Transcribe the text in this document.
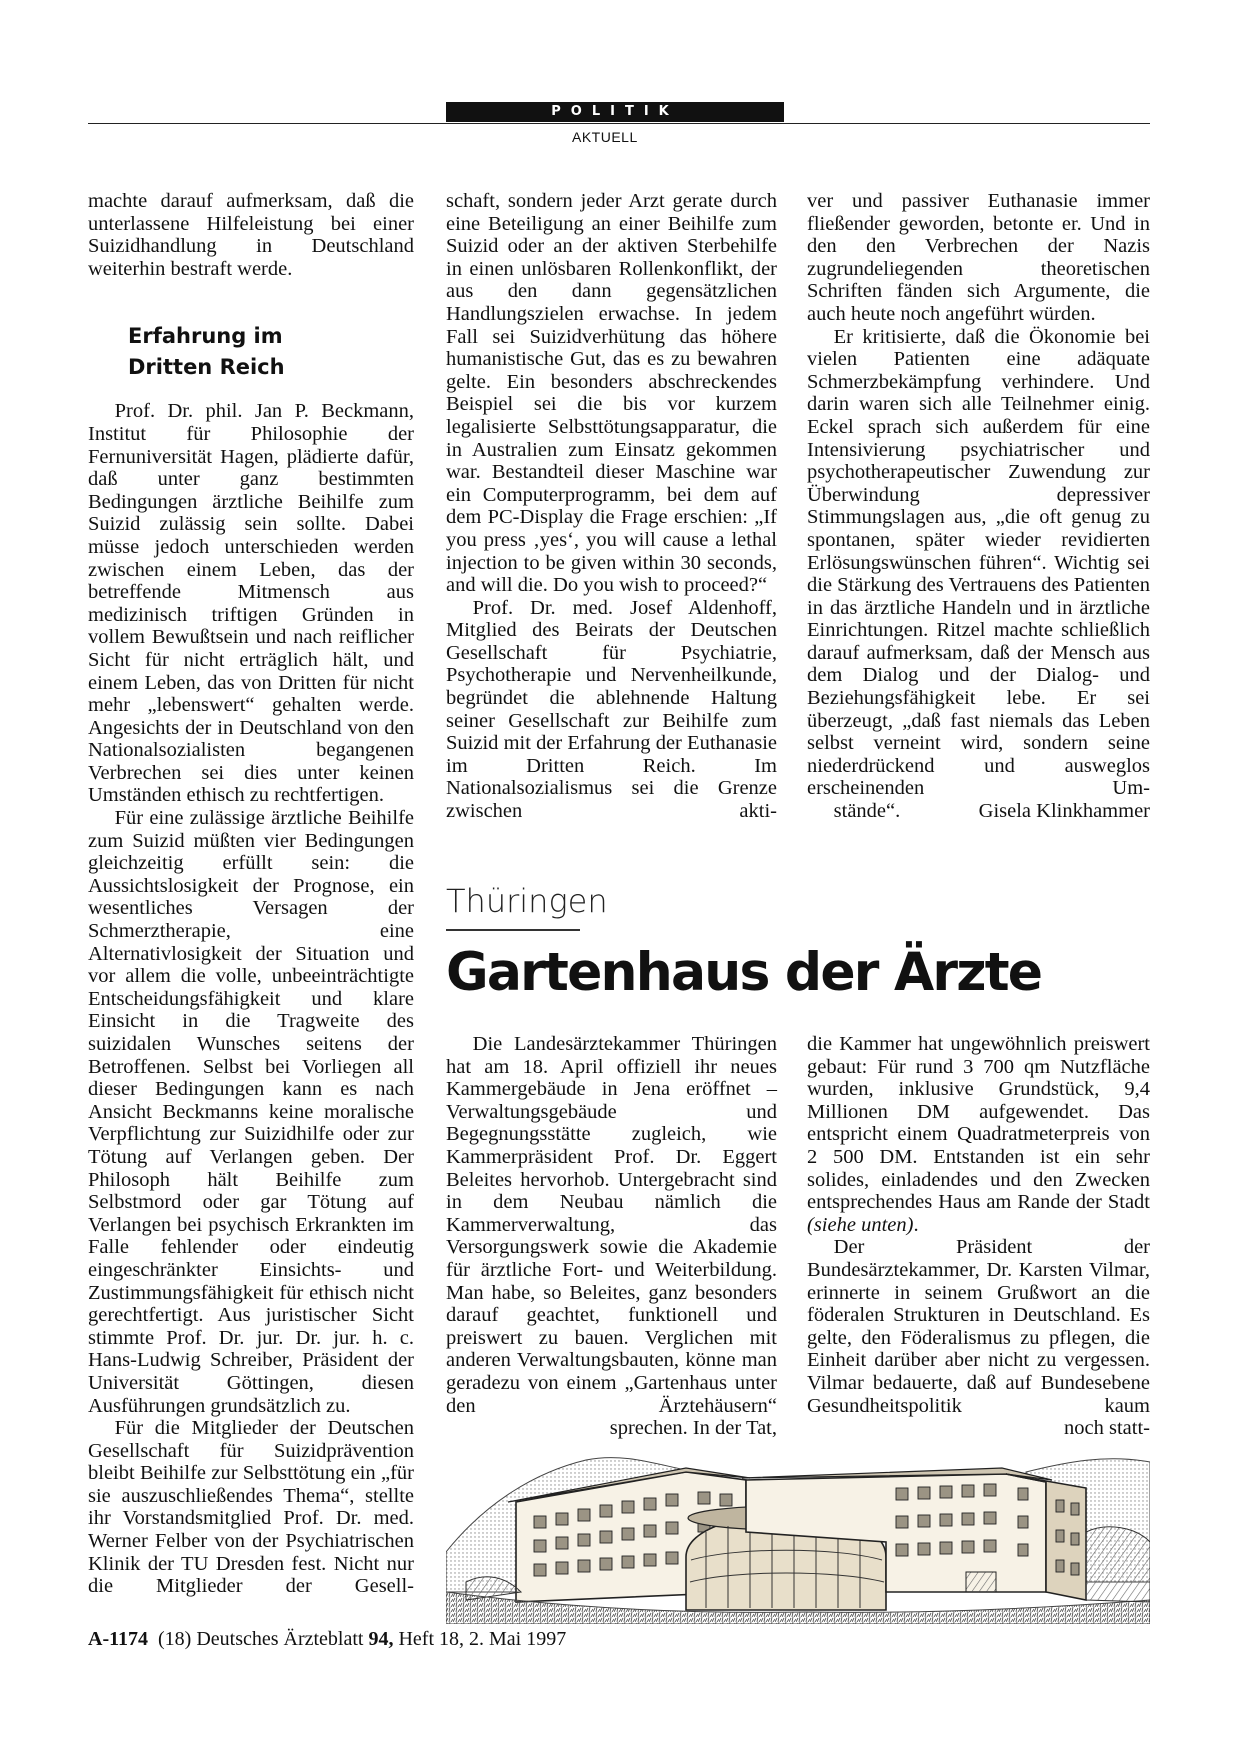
POLITIK
AKTUELL

machte darauf aufmerksam, daß die unterlassene Hilfeleistung bei einer Suizidhandlung in Deutschland weiterhin bestraft werde.

Erfahrung im
Dritten Reich

Prof. Dr. phil. Jan P. Beckmann, Institut für Philosophie der Fernuniversität Hagen, plädierte dafür, daß unter ganz bestimmten Bedingungen ärztliche Beihilfe zum Suizid zulässig sein sollte. Dabei müsse jedoch unterschieden werden zwischen einem Leben, das der betreffende Mitmensch aus medizinisch triftigen Gründen in vollem Bewußtsein und nach reiflicher Sicht für nicht erträglich hält, und einem Leben, das von Dritten für nicht mehr „lebenswert“ gehalten werde. Angesichts der in Deutschland von den Nationalsozialisten begangenen Verbrechen sei dies unter keinen Umständen ethisch zu rechtfertigen.

Für eine zulässige ärztliche Beihilfe zum Suizid müßten vier Bedingungen gleichzeitig erfüllt sein: die Aussichtslosigkeit der Prognose, ein wesentliches Versagen der Schmerztherapie, eine Alternativlosigkeit der Situation und vor allem die volle, unbeeinträchtigte Entscheidungsfähigkeit und klare Einsicht in die Tragweite des suizidalen Wunsches seitens der Betroffenen. Selbst bei Vorliegen all dieser Bedingungen kann es nach Ansicht Beckmanns keine moralische Verpflichtung zur Suizidhilfe oder zur Tötung auf Verlangen geben. Der Philosoph hält Beihilfe zum Selbstmord oder gar Tötung auf Verlangen bei psychisch Erkrankten im Falle fehlender oder eindeutig eingeschränkter Einsichts- und Zustimmungsfähigkeit für ethisch nicht gerechtfertigt. Aus juristischer Sicht stimmte Prof. Dr. jur. Dr. jur. h. c. Hans-Ludwig Schreiber, Präsident der Universität Göttingen, diesen Ausführungen grundsätzlich zu.

Für die Mitglieder der Deutschen Gesellschaft für Suizidprävention bleibt Beihilfe zur Selbsttötung ein „für sie auszuschließendes Thema“, stellte ihr Vorstandsmitglied Prof. Dr. med. Werner Felber von der Psychiatrischen Klinik der TU Dresden fest. Nicht nur die Mitglieder der Gesell-

schaft, sondern jeder Arzt gerate durch eine Beteiligung an einer Beihilfe zum Suizid oder an der aktiven Sterbehilfe in einen unlösbaren Rollenkonflikt, der aus den dann gegensätzlichen Handlungszielen erwachse. In jedem Fall sei Suizidverhütung das höhere humanistische Gut, das es zu bewahren gelte. Ein besonders abschreckendes Beispiel sei die bis vor kurzem legalisierte Selbsttötungsapparatur, die in Australien zum Einsatz gekommen war. Bestandteil dieser Maschine war ein Computerprogramm, bei dem auf dem PC-Display die Frage erschien: „If you press ‚yes‘, you will cause a lethal injection to be given within 30 seconds, and will die. Do you wish to proceed?“

Prof. Dr. med. Josef Aldenhoff, Mitglied des Beirats der Deutschen Gesellschaft für Psychiatrie, Psychotherapie und Nervenheilkunde, begründet die ablehnende Haltung seiner Gesellschaft zur Beihilfe zum Suizid mit der Erfahrung der Euthanasie im Dritten Reich. Im Nationalsozialismus sei die Grenze zwischen akti-

ver und passiver Euthanasie immer fließender geworden, betonte er. Und in den den Verbrechen der Nazis zugrundeliegenden theoretischen Schriften fänden sich Argumente, die auch heute noch angeführt würden.

Er kritisierte, daß die Ökonomie bei vielen Patienten eine adäquate Schmerzbekämpfung verhindere. Und darin waren sich alle Teilnehmer einig. Eckel sprach sich außerdem für eine Intensivierung psychiatrischer und psychotherapeutischer Zuwendung zur Überwindung depressiver Stimmungslagen aus, „die oft genug zu spontanen, später wieder revidierten Erlösungswünschen führen“. Wichtig sei die Stärkung des Vertrauens des Patienten in das ärztliche Handeln und in ärztliche Einrichtungen. Ritzel machte schließlich darauf aufmerksam, daß der Mensch aus dem Dialog und der Dialog- und Beziehungsfähigkeit lebe. Er sei überzeugt, „daß fast niemals das Leben selbst verneint wird, sondern seine niederdrückend und ausweglos erscheinenden Um-

stände“.	Gisela Klinkhammer

Thüringen
Gartenhaus der Ärzte

Die Landesärztekammer Thüringen hat am 18. April offiziell ihr neues Kammergebäude in Jena eröffnet – Verwaltungsgebäude und Begegnungsstätte zugleich, wie Kammerpräsident Prof. Dr. Eggert Beleites hervorhob. Untergebracht sind in dem Neubau nämlich die Kammerverwaltung, das Versorgungswerk sowie die Akademie für ärztliche Fort- und Weiterbildung. Man habe, so Beleites, ganz besonders darauf geachtet, funktionell und preiswert zu bauen. Verglichen mit anderen Verwaltungsbauten, könne man geradezu von einem „Gartenhaus unter den Ärztehäusern“

sprechen. In der Tat,

die Kammer hat ungewöhnlich preiswert gebaut: Für rund 3 700 qm Nutzfläche wurden, inklusive Grundstück, 9,4 Millionen DM aufgewendet. Das entspricht einem Quadratmeterpreis von 2 500 DM. Entstanden ist ein sehr solides, einladendes und den Zwecken entsprechendes Haus am Rande der Stadt (siehe unten).

Der Präsident der Bundesärztekammer, Dr. Karsten Vilmar, erinnerte in seinem Grußwort an die föderalen Strukturen in Deutschland. Es gelte, den Föderalismus zu pflegen, die Einheit darüber aber nicht zu vergessen. Vilmar bedauerte, daß auf Bundesebene Gesundheitspolitik kaum

noch statt-

A-1174 (18) Deutsches Ärzteblatt 94, Heft 18, 2. Mai 1997
